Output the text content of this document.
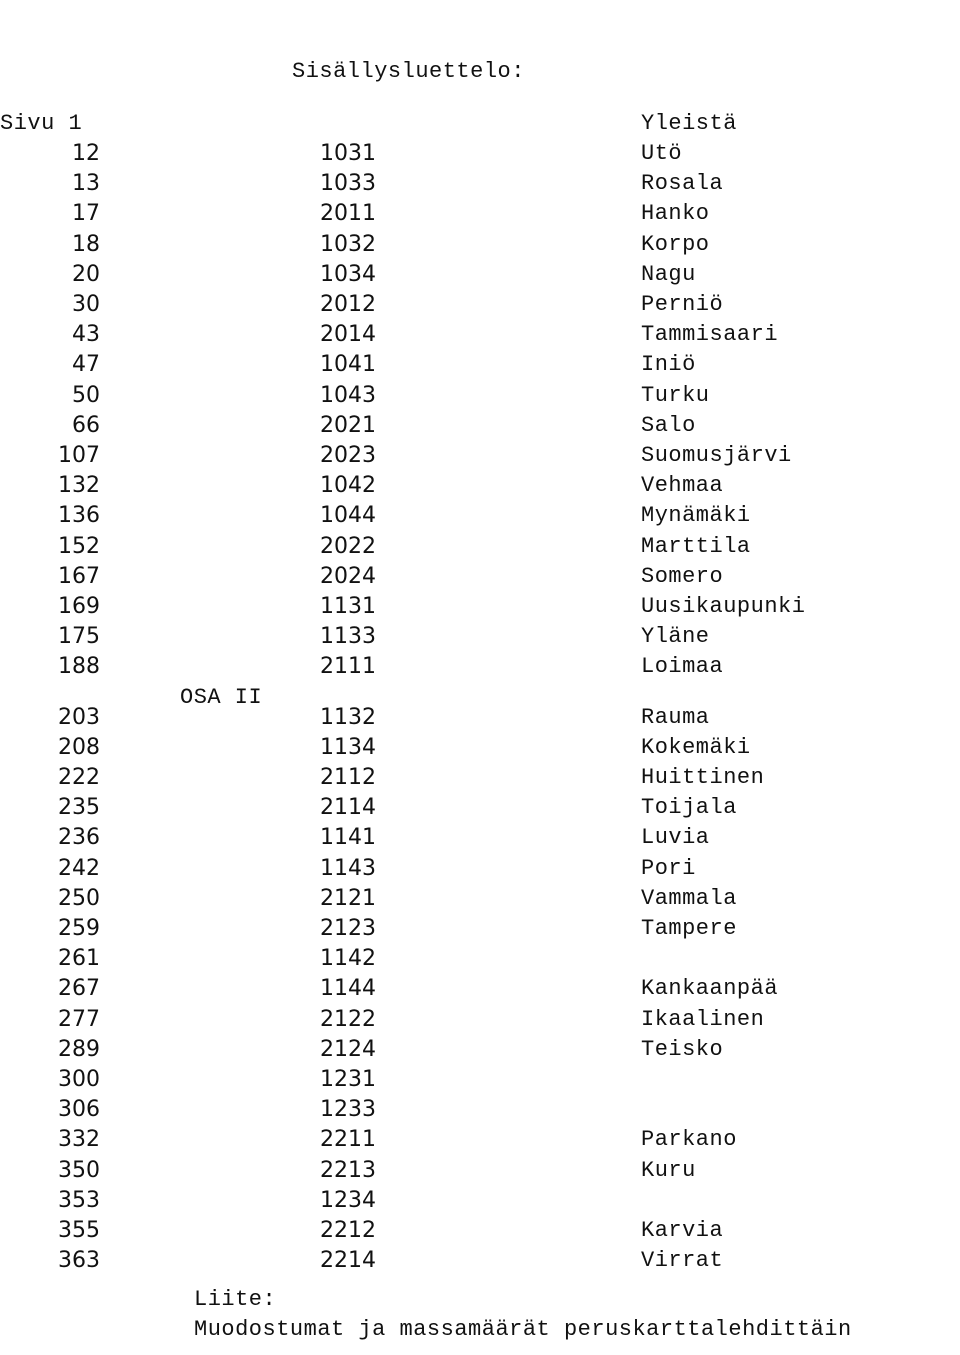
Sisällysluettelo:
Sivu 1	Yleistä
OSA II
12	1031	Utö
13	1033	Rosala
17	2011	Hanko
18	1032	Korpo
20	1034	Nagu
30	2012	Perniö
43	2014	Tammisaari
47	1041	Iniö
50	1043	Turku
66	2021	Salo
107	2023	Suomusjärvi
132	1042	Vehmaa
136	1044	Mynämäki
152	2022	Marttila
167	2024	Somero
169	1131	Uusikaupunki
175	1133	Yläne
188	2111	Loimaa
203	1132	Rauma
208	1134	Kokemäki
222	2112	Huittinen
235	2114	Toijala
236	1141	Luvia
242	1143	Pori
250	2121	Vammala
259	2123	Tampere
261	1142
267	1144	Kankaanpää
277	2122	Ikaalinen
289	2124	Teisko
300	1231
306	1233
332	2211	Parkano
350	2213	Kuru
353	1234
355	2212	Karvia
363	2214	Virrat
Liite:
Muodostumat ja massamäärät peruskarttalehdittäin
